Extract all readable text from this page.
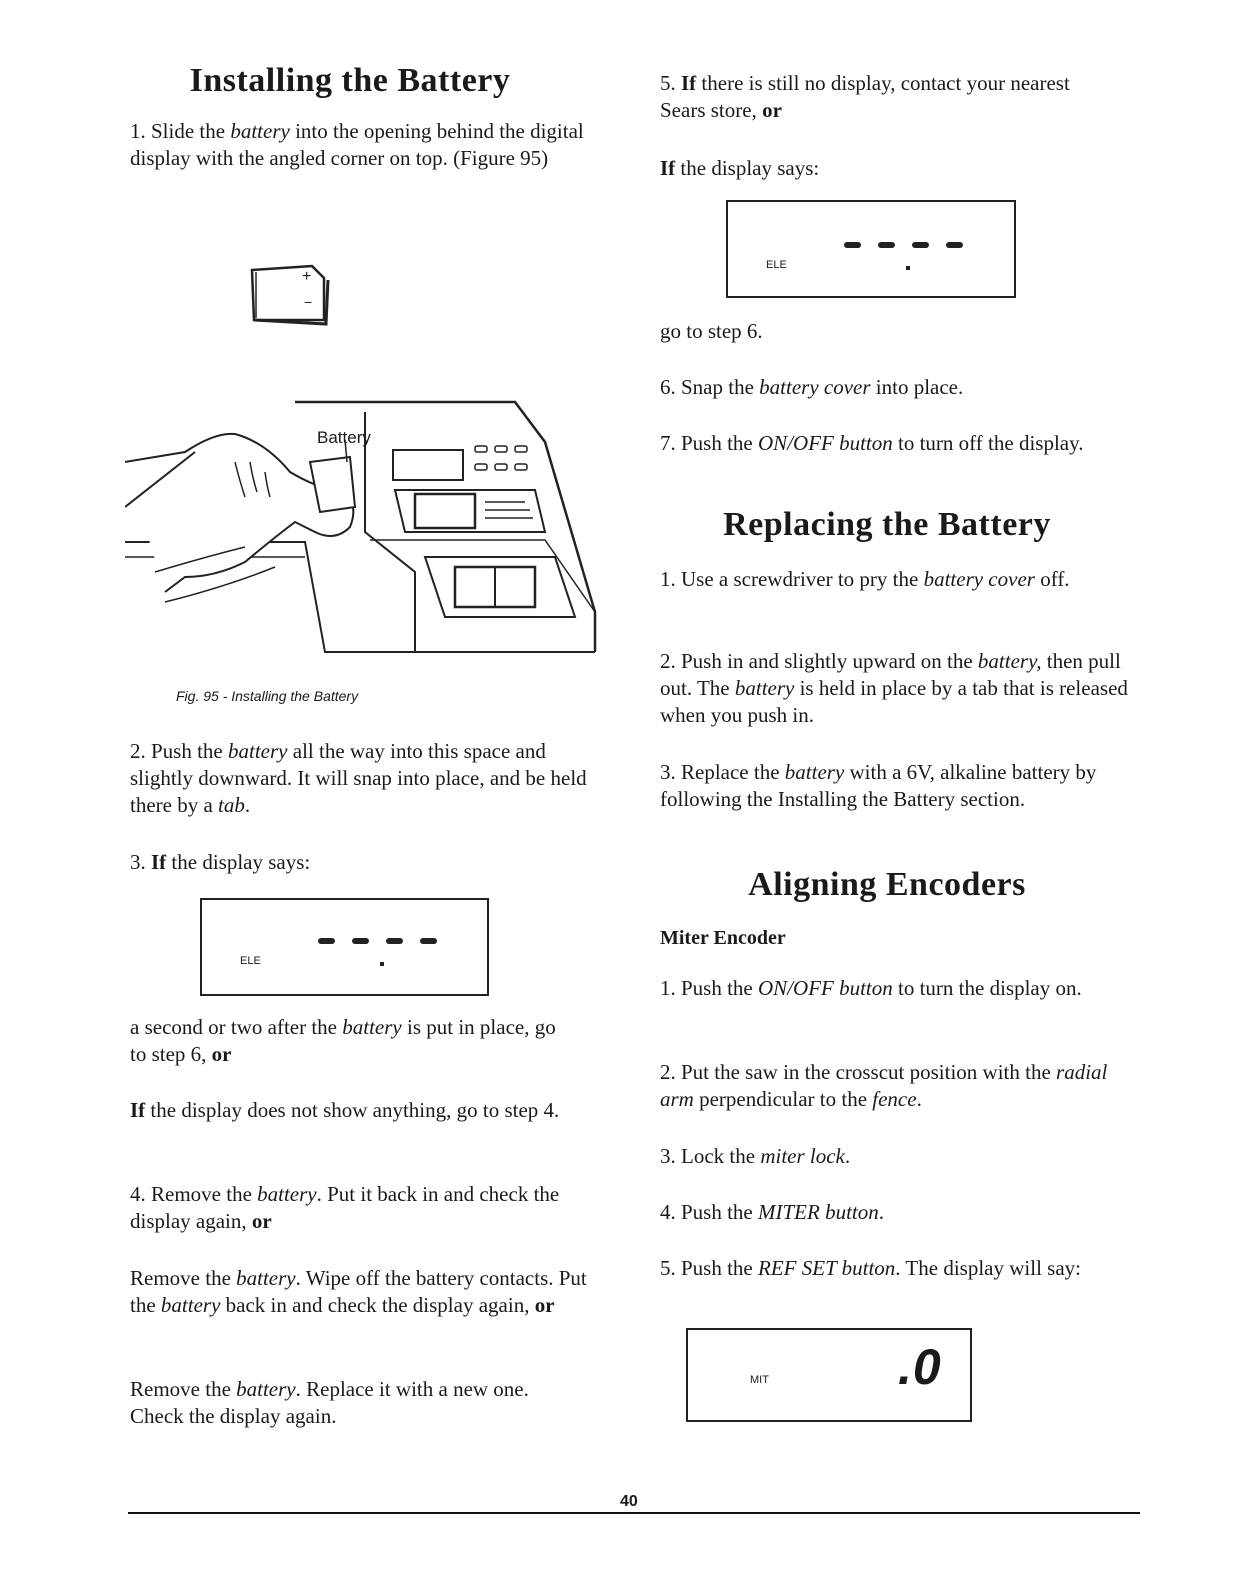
Installing the Battery

1. Slide the battery into the opening behind the digital display with the angled corner on top. (Figure 95)

+
−
Battery

Fig. 95 - Installing the Battery

2. Push the battery all the way into this space and slightly downward. It will snap into place, and be held there by a tab.

3. If the display says:

ELE

a second or two after the battery is put in place, go to step 6, or

If the display does not show anything, go to step 4.

4. Remove the battery. Put it back in and check the display again, or

Remove the battery. Wipe off the battery contacts. Put the battery back in and check the display again, or

Remove the battery. Replace it with a new one. Check the display again.

5. If there is still no display, contact your nearest Sears store, or

If the display says:

ELE

go to step 6.

6. Snap the battery cover into place.

7. Push the ON/OFF button to turn off the display.

Replacing the Battery

1. Use a screwdriver to pry the battery cover off.

2. Push in and slightly upward on the battery, then pull out. The battery is held in place by a tab that is released when you push in.

3. Replace the battery with a 6V, alkaline battery by following the Installing the Battery section.

Aligning Encoders

Miter Encoder

1. Push the ON/OFF button to turn the display on.

2. Put the saw in the crosscut position with the radial arm perpendicular to the fence.

3. Lock the miter lock.

4. Push the MITER button.

5. Push the REF SET button. The display will say:

MIT	.0
40
